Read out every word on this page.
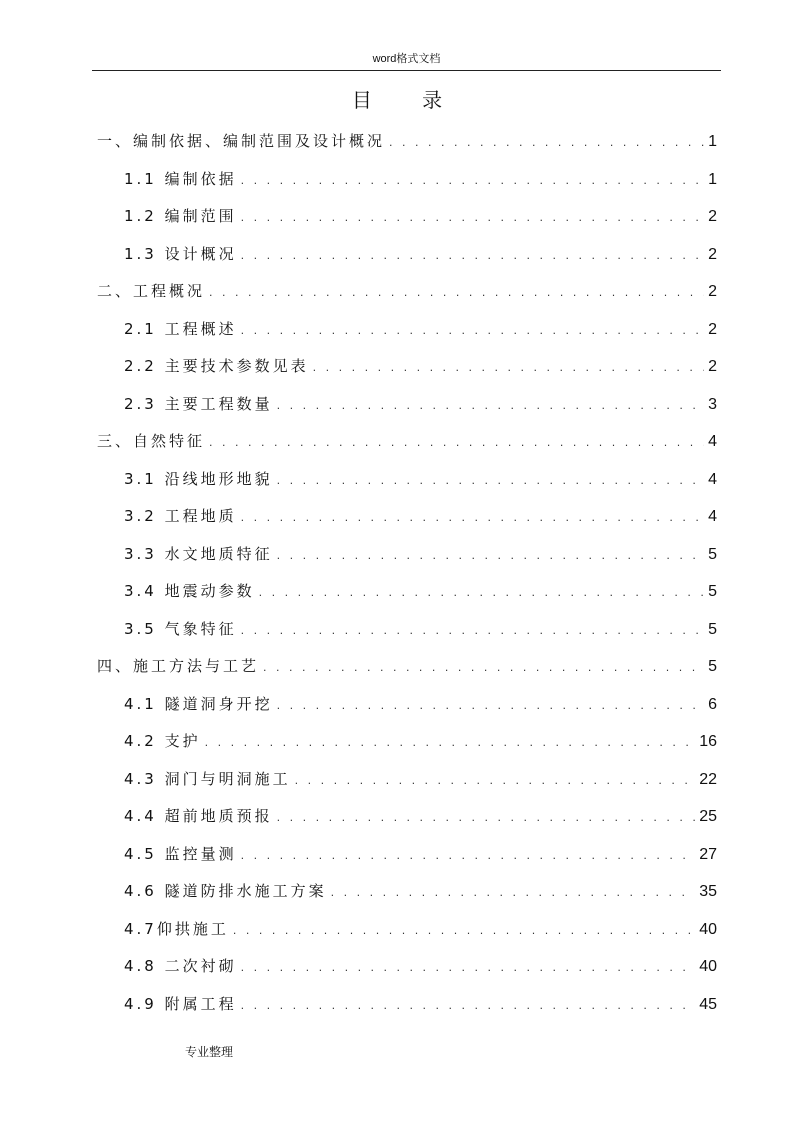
word格式文档
目 录
一、编制依据、编制范围及设计概况 . . .	1
1.1 编制依据 . . .	1
1.2 编制范围 . . .	2
1.3 设计概况 . . .	2
二、工程概况 . . .	2
2.1 工程概述 . . .	2
2.2 主要技术参数见表 . . .	2
2.3 主要工程数量 . . .	3
三、自然特征 . . .	4
3.1 沿线地形地貌 . . .	4
3.2 工程地质 . . .	4
3.3 水文地质特征 . . .	5
3.4 地震动参数 . . .	5
3.5 气象特征 . . .	5
四、施工方法与工艺 . . .	5
4.1 隧道洞身开挖 . . .	6
4.2 支护 . . .	16
4.3 洞门与明洞施工 . . .	22
4.4 超前地质预报 . . .	25
4.5 监控量测 . . .	27
4.6 隧道防排水施工方案 . . .	35
4.7仰拱施工 . . .	40
4.8 二次衬砌 . . .	40
4.9 附属工程 . . .	45
专业整理
